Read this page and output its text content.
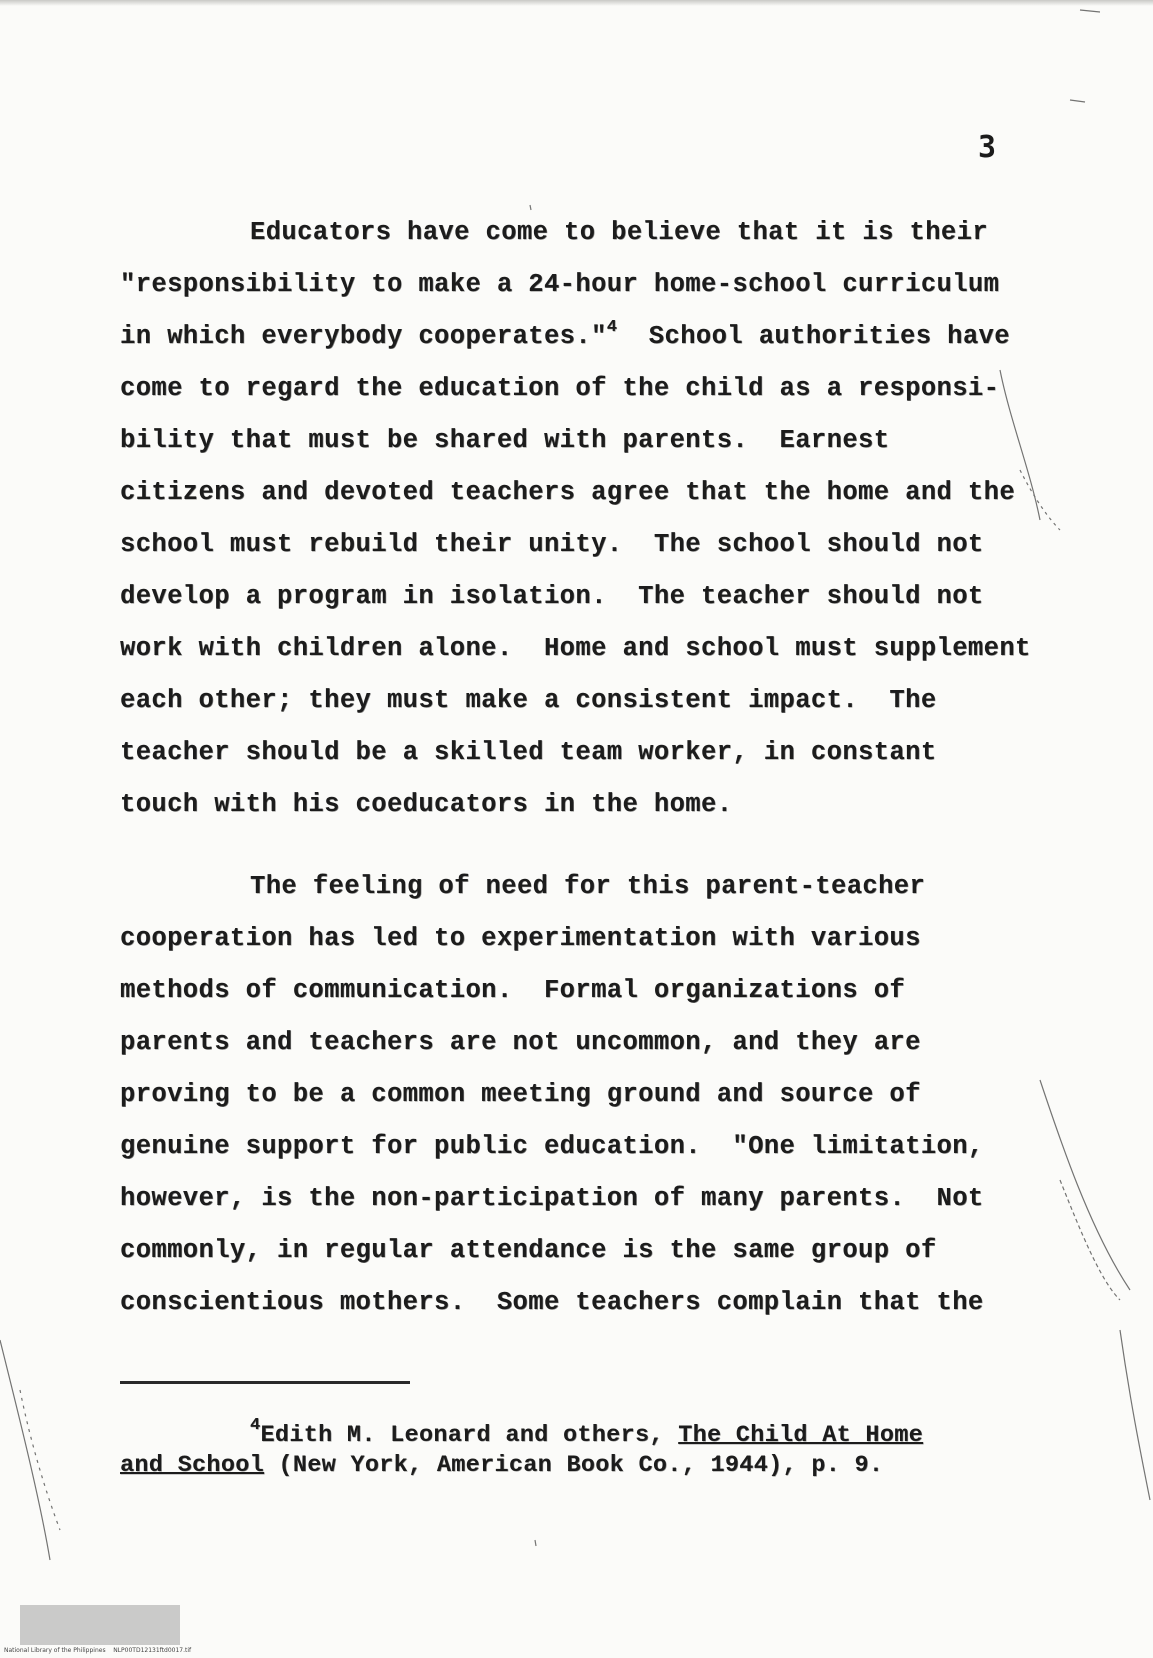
3
Educators have come to believe that it is their
"responsibility to make a 24-hour home-school curriculum
in which everybody cooperates."$^4$ School authorities have
come to regard the education of the child as a responsi-
bility that must be shared with parents.  Earnest
citizens and devoted teachers agree that the home and the
school must rebuild their unity.  The school should not
develop a program in isolation.  The teacher should not
work with children alone.  Home and school must supplement
each other; they must make a consistent impact.  The
teacher should be a skilled team worker, in constant
touch with his coeducators in the home.
The feeling of need for this parent-teacher
cooperation has led to experimentation with various
methods of communication.  Formal organizations of
parents and teachers are not uncommon, and they are
proving to be a common meeting ground and source of
genuine support for public education.  "One limitation,
however, is the non-participation of many parents.  Not
commonly, in regular attendance is the same group of
conscientious mothers.  Some teachers complain that the
$^4$Edith M. Leonard and others, The Child At Home
and School (New York, American Book Co., 1944), p. 9.
National Library of the Philippines    NLP00TD12131ftd0017.tif
